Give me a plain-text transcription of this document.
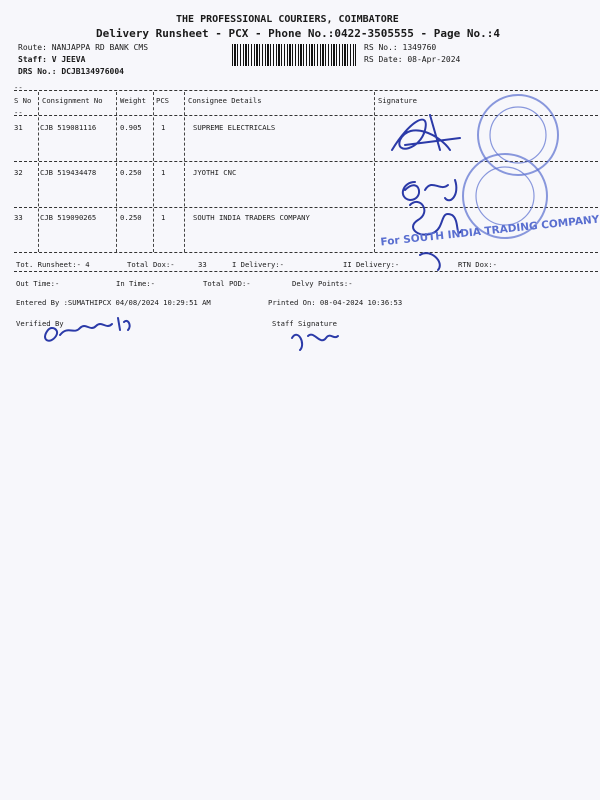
THE PROFESSIONAL COURIERS, COIMBATORE
Delivery Runsheet - PCX - Phone No.:0422-3505555 - Page No.:4
Route: NANJAPPA RD BANK CMS
Staff: V JEEVA
DRS No.: DCJB134976004
RS No.: 1349760
RS Date: 08-Apr-2024
--
S No Consignment No Weight PCS	Consignee Details	Signature
--
31 CJB 519081116	0.905	1	SUPREME ELECTRICALS
32 CJB 519434478	0.250	1	JYOTHI CNC
33 CJB 519090265	0.250	1	SOUTH INDIA TRADERS COMPANY
Tot. Runsheet:- 4	Total Dox:-	33	I Delivery:-	II Delivery:-	RTN Dox:-
Out Time:-	In Time:-	Total POD:-	Delvy Points:-
Entered By :SUMATHIPCX 04/08/2024 10:29:51 AM	Printed On: 08-04-2024 10:36:53
Verified By	Staff Signature
For SOUTH INDIA TRADING COMPANY
